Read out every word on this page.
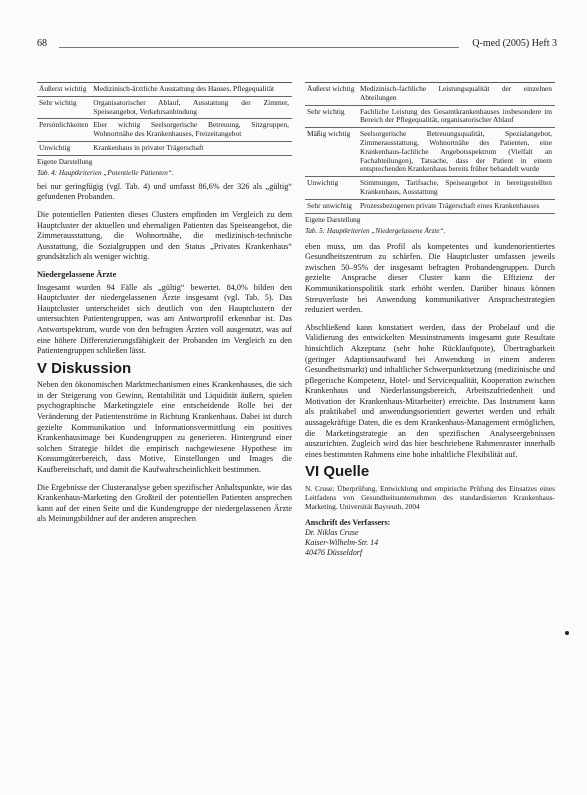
68	Q-med (2005) Heft 3
Äußerst wichtig	Medizinisch-ärztliche Ausstattung des Hauses, Pflegequalität
Sehr wichtig	Organisatorischer Ablauf, Ausstattung der Zimmer, Speiseangebot, Verkehrsanbindung
Persönlichkeiten	Eher wichtig Seelsorgerische Betreuung, Sitzgruppen, Wohnortnähe des Krankenhauses, Freizeitangebot
Unwichtig	Krankenhaus in privater Trägerschaft
Eigene Darstellung
Tab. 4: Hauptkriterien „Potentielle Patienten“.

bei nur geringfügig (vgl. Tab. 4) und umfasst 86,6% der 326 als „gültig“ gefundenen Probanden.

Die potentiellen Patienten dieses Clusters empfinden im Vergleich zu dem Hauptcluster der aktuellen und ehemaligen Patienten das Speiseangebot, die Zimmerausstattung, die Wohnortnähe, die medizinisch-technische Ausstattung, die Sozialgruppen und den Status „Privates Krankenhaus“ grundsätzlich als weniger wichtig.

Niedergelassene Ärzte

Insgesamt wurden 94 Fälle als „gültig“ bewertet. 84,0% bilden den Hauptcluster der niedergelassenen Ärzte insgesamt (vgl. Tab. 5). Das Hauptcluster unterscheidet sich deutlich von den Hauptclustern der untersuchten Patientengruppen, was am Antwortprofil erkennbar ist. Das Antwortspektrum, wurde von den befragten Ärzten voll ausgenutzt, was auf eine höhere Differenzierungsfähigkeit der Probanden im Vergleich zu den Patientengruppen schließen lässt.

V Diskussion

Neben den ökonomischen Marktmechanismen eines Krankenhauses, die sich in der Steigerung von Gewinn, Rentabilität und Liquidität äußern, spielen psychographische Marketingziele eine entscheidende Rolle bei der Veränderung der Patientenströme in Richtung Krankenhaus. Dabei ist durch gezielte Kommunikation und Informationsvermittlung ein positives Krankenhausimage bei Kundengruppen zu generieren. Hintergrund einer solchen Strategie bildet die empirisch nachgewiesene Hypothese im Konsumgüterbereich, dass Motive, Einstellungen und Images die Kaufbereitschaft, und damit die Kaufwahrscheinlichkeit bestimmen.

Die Ergebnisse der Clusteranalyse geben spezifischer Anhaltspunkte, wie das Krankenhaus-Marketing den Großteil der potentiellen Patienten ansprechen kann auf der einen Seite und die Kundengruppe der niedergelassenen Ärzte als Meinungsbildner auf der anderen ansprechen

Äußerst wichtig	Medizinisch-fachliche Leistungsqualität der einzelnen Abteilungen
Sehr wichtig	Fachliche Leistung des Gesamtkrankenhauses insbesondere im Bereich der Pflegequalität, organisatorischer Ablauf
Mäßig wichtig	Seelsorgerische Betreuungsqualität, Spezialangebot, Zimmerausstattung, Wohnortnähe des Patienten, eine Krankenhaus-fachliche Angebotsspektrum (Vielfalt an Fachabteilungen), Tatsache, dass der Patient in einem entsprechenden Krankenhaus bereits früher behandelt wurde
Unwichtig	Stimmungen, Tarifsache, Speiseangebot in bereitgestellten Krankenhaus, Ausstattung
Sehr unwichtig	Prozessbezogenen private Trägerschaft eines Krankenhauses
Eigene Darstellung
Tab. 5: Hauptkriterien „Niedergelassene Ärzte“.

eben muss, um das Profil als kompetentes und kundenorientiertes Gesundheitszentrum zu schärfen. Die Hauptcluster umfassen jeweils zwischen 50–95% der insgesamt befragten Probandengruppen. Durch gezielte Ansprache dieser Cluster kann die Effizienz der Kommunikationspolitik stark erhöht werden. Darüber hinaus können Streuverluste bei Anwendung kommunikativer Ansprachestrategien reduziert werden.

Abschließend kann konstatiert werden, dass der Probelauf und die Validierung des entwickelten Messinstruments insgesamt gute Resultate hinsichtlich Akzeptanz (sehr hohe Rücklaufquote), Übertragbarkeit (geringer Adaptionsaufwand bei Anwendung in einem anderen Gesundheitsmarkt) und inhaltlicher Schwerpunktsetzung (medizinische und pflegerische Kompetenz, Hotel- und Servicequalität, Kooperation zwischen Krankenhaus und Niederlassungsbereich, Arbeitszufriedenheit und Motivation der Krankenhaus-Mitarbeiter) erreichte. Das Instrument kann als praktikabel und anwendungsorientiert gewertet werden und erhält aussagekräftige Daten, die es dem Krankenhaus-Management ermöglichen, die Marketingstrategie an den spezifischen Analyseergebnissen auszurichten. Zugleich wird das hier beschriebene Rahmenraster innerhalb eines bestimmten Rahmens eine hohe inhaltliche Flexibilität auf.

VI Quelle

N. Cruse: Überprüfung, Entwicklung und empirische Prüfung des Einsatzes eines Leitfadens von Gesundheitsunternehmen des standardisierten Krankenhaus-Marketing. Universität Bayreuth, 2004

Anschrift des Verfassers:
Dr. Niklas Cruse
Kaiser-Wilhelm-Str. 14
40476 Düsseldorf
